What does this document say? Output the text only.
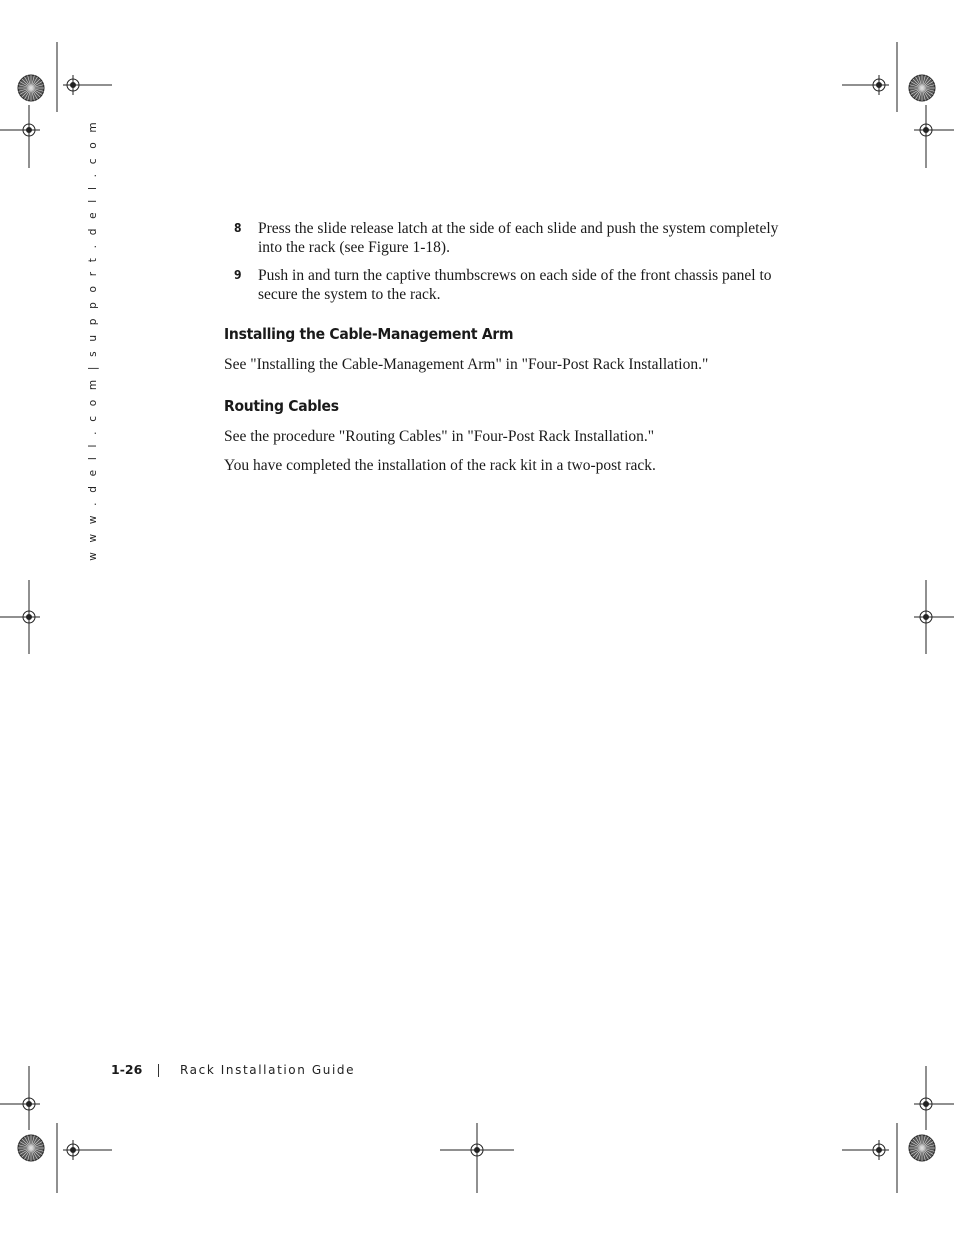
w w w . d e l l . c o m | s u p p o r t . d e l l . c o m	8	Press the slide release latch at the side of each slide and push the system completely into the rack (see Figure 1-18).
9	Push in and turn the captive thumbscrews on each side of the front chassis panel to secure the system to the rack.
Installing the Cable-Management Arm
See "Installing the Cable-Management Arm" in "Four-Post Rack Installation."
Routing Cables
See the procedure "Routing Cables" in "Four-Post Rack Installation."
You have completed the installation of the rack kit in a two-post rack.
1-26	Rack Installation Guide
